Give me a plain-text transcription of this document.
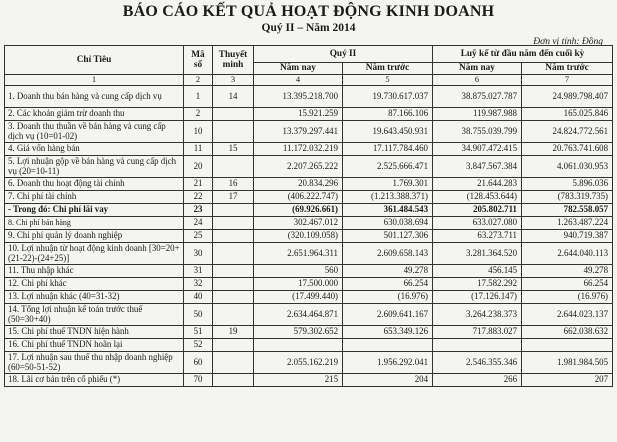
BÁO CÁO KẾT QUẢ HOẠT ĐỘNG KINH DOANH
Quý II – Năm 2014
Đơn vị tính: Đồng
Chỉ Tiêu	Mã số	Thuyết minh	Quý II		Luỹ kế từ đầu năm đến cuối kỳ	
			Năm nay	Năm trước	Năm nay	Năm trước
1	2	3	4	5	6	7
1. Doanh thu bán hàng và cung cấp dịch vụ	1	14	13.395.218.700	19.730.617.037	38.875.027.787	24.989.798.407
2. Các khoản giảm trừ doanh thu	2		15.921.259	87.166.106	119.987.988	165.025.846
3. Doanh thu thuần về bán hàng và cung cấp dịch vụ (10=01-02)	10		13.379.297.441	19.643.450.931	38.755.039.799	24.824.772.561
4. Giá vốn hàng bán	11	15	11.172.032.219	17.117.784.460	34.907.472.415	20.763.741.608
5. Lợi nhuận gộp về bán hàng và cung cấp dịch vụ (20=10-11)	20		2.207.265.222	2.525.666.471	3.847.567.384	4.061.030.953
6. Doanh thu hoạt động tài chính	21	16	20.834.296	1.769.301	21.644.283	5.896.036
7. Chi phí tài chính	22	17	(406.222.747)	(1.213.388.371)	(128.453.644)	(783.319.735)
- Trong đó: Chi phí lãi vay	23		(69.926.661)	361.484.543	205.802.711	782.558.057
8. Chi phí bán hàng	24		302.467.012	630.038.694	633.027.080	1.263.487.224
9. Chi phí quản lý doanh nghiệp	25		(320.109.058)	501.127.306	63.273.711	940.719.387
10. Lợi nhuận từ hoạt động kinh doanh [30=20+(21-22)-(24+25)]	30		2.651.964.311	2.609.658.143	3.281.364.520	2.644.040.113
11. Thu nhập khác	31		560	49.278	456.145	49.278
12. Chi phí khác	32		17.500.000	66.254	17.582.292	66.254
13. Lợi nhuận khác (40=31-32)	40		(17.499.440)	(16.976)	(17.126.147)	(16.976)
14. Tổng lợi nhuận kế toán trước thuế (50=30+40)	50		2.634.464.871	2.609.641.167	3.264.238.373	2.644.023.137
15. Chi phí thuế TNDN hiện hành	51	19	579.302.652	653.349.126	717.883.027	662.038.632
16. Chi phí thuế TNDN hoãn lại	52					
17. Lợi nhuận sau thuế thu nhập doanh nghiệp (60=50-51-52)	60		2.055.162.219	1.956.292.041	2.546.355.346	1.981.984.505
18. Lãi cơ bản trên cổ phiếu (*)	70		215	204	266	207
